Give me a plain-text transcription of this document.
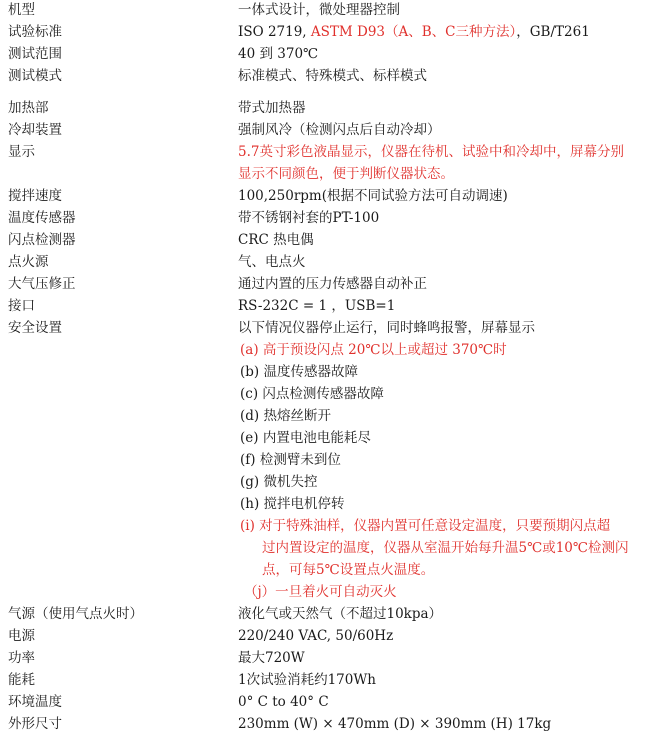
机型	一体式设计，微处理器控制
试验标准	ISO 2719, ASTM D93（A、B、C三种方法），GB/T261
测试范围	40 到 370℃
测试模式	标准模式、特殊模式、标样模式
加热部	带式加热器
冷却装置	强制风冷（检测闪点后自动冷却）
显示	5.7英寸彩色液晶显示，仪器在待机、试验中和冷却中，屏幕分别
显示不同颜色，便于判断仪器状态。
搅拌速度	100,250rpm(根据不同试验方法可自动调速)
温度传感器	带不锈钢衬套的PT-100
闪点检测器	CRC 热电偶
点火源	气、电点火
大气压修正	通过内置的压力传感器自动补正
接口	RS-232C = 1 ，USB=1
安全设置	以下情况仪器停止运行，同时蜂鸣报警，屏幕显示
(a) 高于预设闪点 20℃以上或超过 370℃时
(b) 温度传感器故障
(c) 闪点检测传感器故障
(d) 热熔丝断开
(e) 内置电池电能耗尽
(f) 检测臂未到位
(g) 微机失控
(h) 搅拌电机停转
(i) 对于特殊油样，仪器内置可任意设定温度，只要预期闪点超
过内置设定的温度，仪器从室温开始每升温5℃或10℃检测闪
点，可每5℃设置点火温度。
（j）一旦着火可自动灭火
气源（使用气点火时）	液化气或天然气（不超过10kpa）
电源	220/240 VAC, 50/60Hz
功率	最大720W
能耗	1次试验消耗约170Wh
环境温度	0° C to 40° C
外形尺寸	230mm (W) × 470mm (D) × 390mm (H) 17kg
